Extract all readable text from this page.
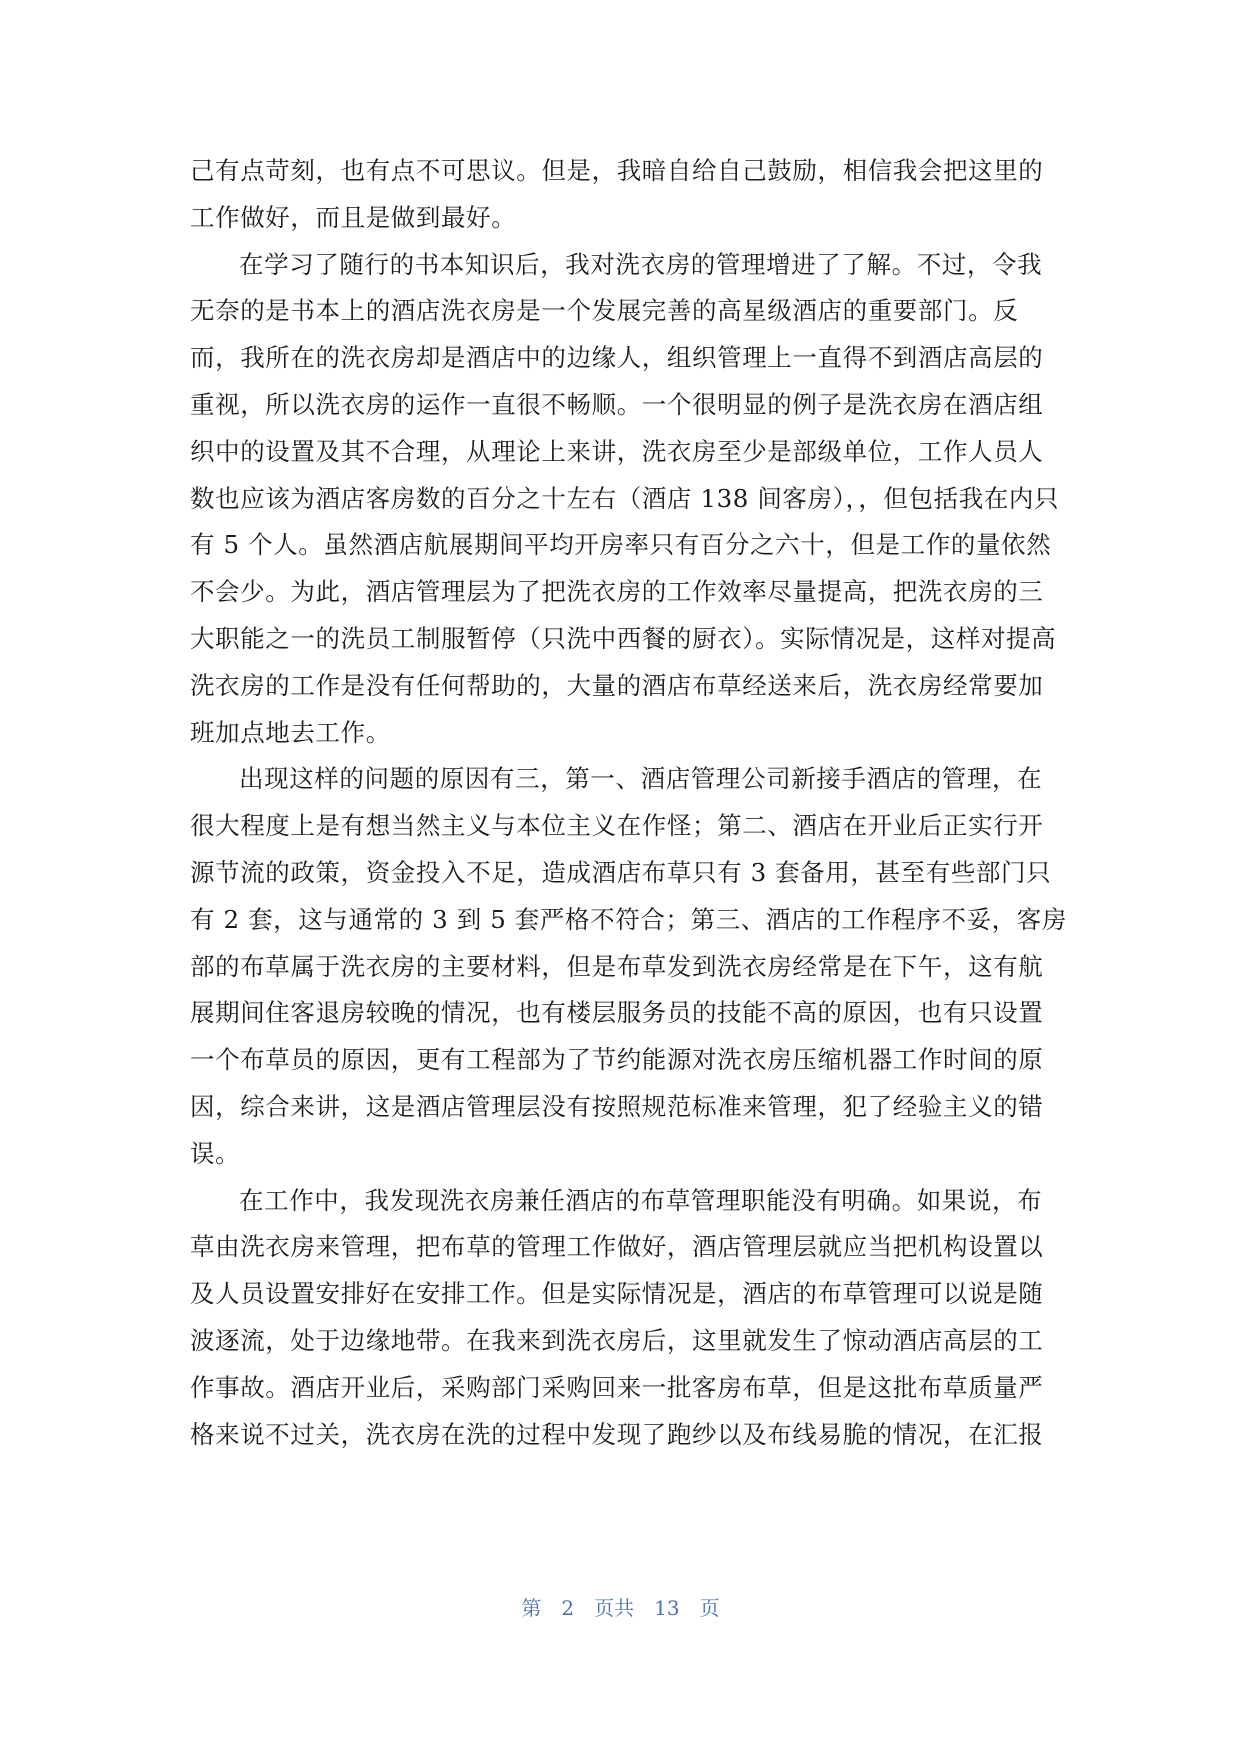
己有点苛刻，也有点不可思议。但是，我暗自给自己鼓励，相信我会把这里的
工作做好，而且是做到最好。
在学习了随行的书本知识后，我对洗衣房的管理增进了了解。不过，令我
无奈的是书本上的酒店洗衣房是一个发展完善的高星级酒店的重要部门。反
而，我所在的洗衣房却是酒店中的边缘人，组织管理上一直得不到酒店高层的
重视，所以洗衣房的运作一直很不畅顺。一个很明显的例子是洗衣房在酒店组
织中的设置及其不合理，从理论上来讲，洗衣房至少是部级单位，工作人员人
数也应该为酒店客房数的百分之十左右（酒店 138 间客房），，但包括我在内只
有 5 个人。虽然酒店航展期间平均开房率只有百分之六十，但是工作的量依然
不会少。为此，酒店管理层为了把洗衣房的工作效率尽量提高，把洗衣房的三
大职能之一的洗员工制服暂停（只洗中西餐的厨衣）。实际情况是，这样对提高
洗衣房的工作是没有任何帮助的，大量的酒店布草经送来后，洗衣房经常要加
班加点地去工作。
出现这样的问题的原因有三，第一、酒店管理公司新接手酒店的管理，在
很大程度上是有想当然主义与本位主义在作怪；第二、酒店在开业后正实行开
源节流的政策，资金投入不足，造成酒店布草只有 3 套备用，甚至有些部门只
有 2 套，这与通常的 3 到 5 套严格不符合；第三、酒店的工作程序不妥，客房
部的布草属于洗衣房的主要材料，但是布草发到洗衣房经常是在下午，这有航
展期间住客退房较晚的情况，也有楼层服务员的技能不高的原因，也有只设置
一个布草员的原因，更有工程部为了节约能源对洗衣房压缩机器工作时间的原
因，综合来讲，这是酒店管理层没有按照规范标准来管理，犯了经验主义的错
误。
在工作中，我发现洗衣房兼任酒店的布草管理职能没有明确。如果说，布
草由洗衣房来管理，把布草的管理工作做好，酒店管理层就应当把机构设置以
及人员设置安排好在安排工作。但是实际情况是，酒店的布草管理可以说是随
波逐流，处于边缘地带。在我来到洗衣房后，这里就发生了惊动酒店高层的工
作事故。酒店开业后，采购部门采购回来一批客房布草，但是这批布草质量严
格来说不过关，洗衣房在洗的过程中发现了跑纱以及布线易脆的情况，在汇报
第 2 页共 13 页
